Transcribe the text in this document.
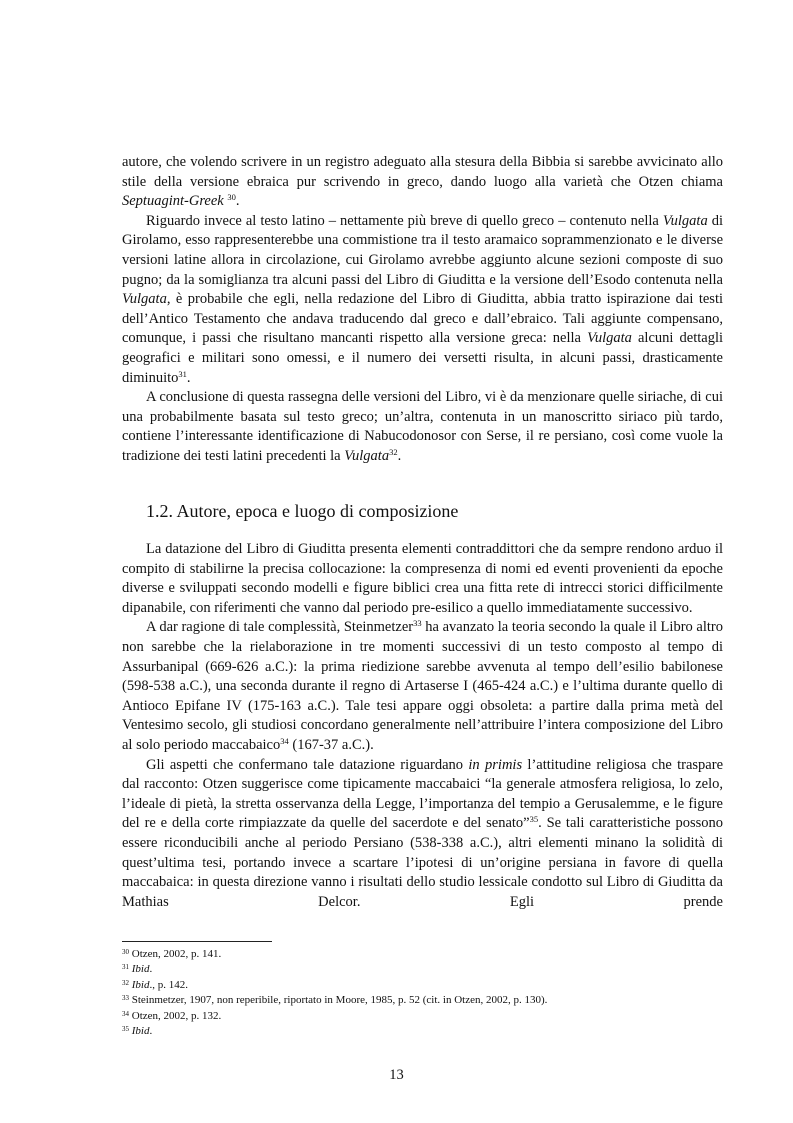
autore, che volendo scrivere in un registro adeguato alla stesura della Bibbia si sarebbe avvicinato allo stile della versione ebraica pur scrivendo in greco, dando luogo alla varietà che Otzen chiama Septuagint-Greek $^{30}$.

Riguardo invece al testo latino – nettamente più breve di quello greco – contenuto nella Vulgata di Girolamo, esso rappresenterebbe una commistione tra il testo aramaico soprammenzionato e le diverse versioni latine allora in circolazione, cui Girolamo avrebbe aggiunto alcune sezioni composte di suo pugno; da la somiglianza tra alcuni passi del Libro di Giuditta e la versione dell’Esodo contenuta nella Vulgata, è probabile che egli, nella redazione del Libro di Giuditta, abbia tratto ispirazione dai testi dell’Antico Testamento che andava traducendo dal greco e dall’ebraico. Tali aggiunte compensano, comunque, i passi che risultano mancanti rispetto alla versione greca: nella Vulgata alcuni dettagli geografici e militari sono omessi, e il numero dei versetti risulta, in alcuni passi, drasticamente diminuito$^{31}$.

A conclusione di questa rassegna delle versioni del Libro, vi è da menzionare quelle siriache, di cui una probabilmente basata sul testo greco; un’altra, contenuta in un manoscritto siriaco più tardo, contiene l’interessante identificazione di Nabucodonosor con Serse, il re persiano, così come vuole la tradizione dei testi latini precedenti la Vulgata$^{32}$.

1.2. Autore, epoca e luogo di composizione

La datazione del Libro di Giuditta presenta elementi contraddittori che da sempre rendono arduo il compito di stabilirne la precisa collocazione: la compresenza di nomi ed eventi provenienti da epoche diverse e sviluppati secondo modelli e figure biblici crea una fitta rete di intrecci storici difficilmente dipanabile, con riferimenti che vanno dal periodo pre-esilico a quello immediatamente successivo.

A dar ragione di tale complessità, Steinmetzer$^{33}$ ha avanzato la teoria secondo la quale il Libro altro non sarebbe che la rielaborazione in tre momenti successivi di un testo composto al tempo di Assurbanipal (669-626 a.C.): la prima riedizione sarebbe avvenuta al tempo dell’esilio babilonese (598-538 a.C.), una seconda durante il regno di Artaserse I (465-424 a.C.) e l’ultima durante quello di Antioco Epifane IV (175-163 a.C.). Tale tesi appare oggi obsoleta: a partire dalla prima metà del Ventesimo secolo, gli studiosi concordano generalmente nell’attribuire l’intera composizione del Libro al solo periodo maccabaico$^{34}$ (167-37 a.C.).

Gli aspetti che confermano tale datazione riguardano in primis l’attitudine religiosa che traspare dal racconto: Otzen suggerisce come tipicamente maccabaici “la generale atmosfera religiosa, lo zelo, l’ideale di pietà, la stretta osservanza della Legge, l’importanza del tempio a Gerusalemme, e le figure del re e della corte rimpiazzate da quelle del sacerdote e del senato”$^{35}$. Se tali caratteristiche possono essere riconducibili anche al periodo Persiano (538-338 a.C.), altri elementi minano la solidità di quest’ultima tesi, portando invece a scartare l’ipotesi di un’origine persiana in favore di quella maccabaica: in questa direzione vanno i risultati dello studio lessicale condotto sul Libro di Giuditta da Mathias Delcor. Egli prende

$^{30}$ Otzen, 2002, p. 141.

$^{31}$ Ibid.

$^{32}$ Ibid., p. 142.

$^{33}$ Steinmetzer, 1907, non reperibile, riportato in Moore, 1985, p. 52 (cit. in Otzen, 2002, p. 130).

$^{34}$ Otzen, 2002, p. 132.

$^{35}$ Ibid.

13
